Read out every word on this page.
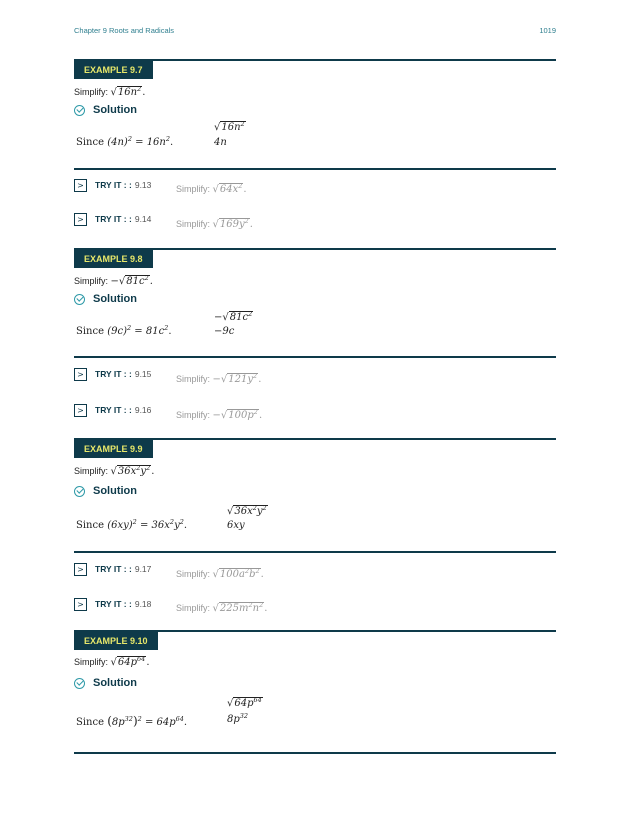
Chapter 9 Roots and Radicals	1019
EXAMPLE 9.7
Simplify: $√16n^2$.
Solution
$√16n^2$
Since $(4n)^2 = 16n^2$.	4n
>	TRY IT : : 9.13	Simplify: $√64x^2$.
>	TRY IT : : 9.14	Simplify: $√169y^2$.
EXAMPLE 9.8
Simplify: $-√81c^2$.
Solution
$-√81c^2$
Since $(9c)^2 = 81c^2$.	−9c
>	TRY IT : : 9.15	Simplify: $-√121y^2$.
>	TRY IT : : 9.16	Simplify: $-√100p^2$.
EXAMPLE 9.9
Simplify: $√36x^2y^2$.
Solution
$√36x^2y^2$
Since $(6xy)^2 = 36x^2y^2$.	6xy
>	TRY IT : : 9.17	Simplify: $√100a^2b^2$.
>	TRY IT : : 9.18	Simplify: $√225m^2n^2$.
EXAMPLE 9.10
Simplify: $√64p^{64}$.
Solution
$√64p^{64}$
Since $(8p^{32})^2 = 64p^{64}$.	$8p^{32}$
